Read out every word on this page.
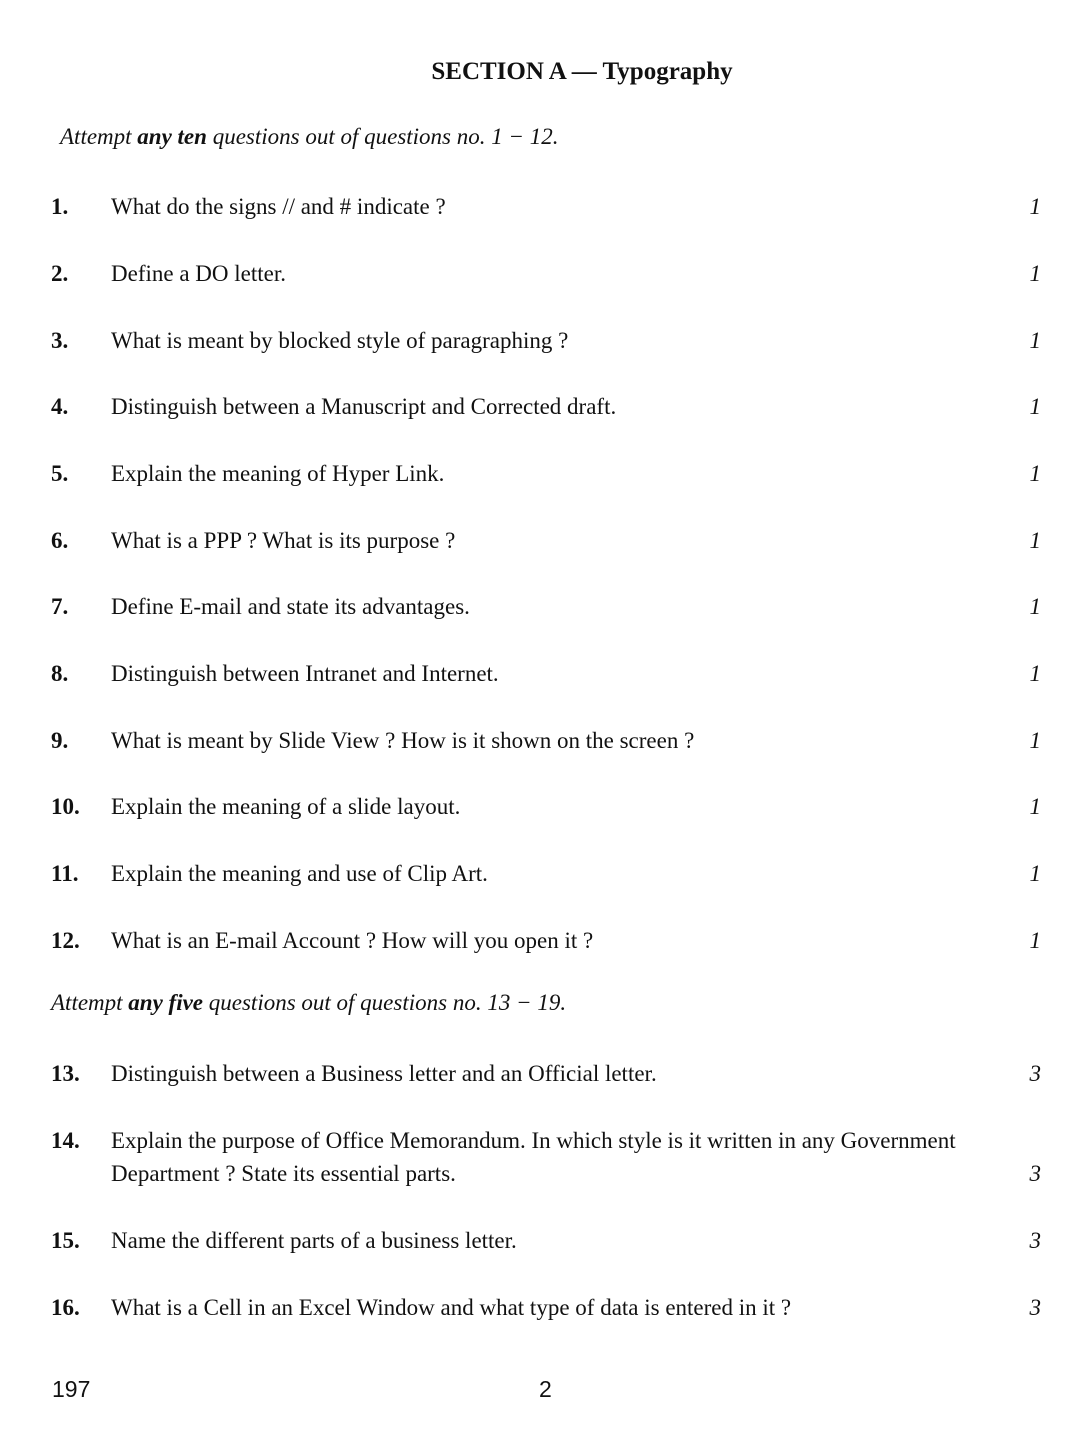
SECTION A — Typography
Attempt any ten questions out of questions no. 1 − 12.
1. What do the signs // and # indicate ?	1
2. Define a DO letter.	1
3. What is meant by blocked style of paragraphing ?	1
4. Distinguish between a Manuscript and Corrected draft.	1
5. Explain the meaning of Hyper Link.	1
6. What is a PPP ? What is its purpose ?	1
7. Define E-mail and state its advantages.	1
8. Distinguish between Intranet and Internet.	1
9. What is meant by Slide View ? How is it shown on the screen ?	1
10. Explain the meaning of a slide layout.	1
11. Explain the meaning and use of Clip Art.	1
12. What is an E-mail Account ? How will you open it ?	1
Attempt any five questions out of questions no. 13 − 19.
13. Distinguish between a Business letter and an Official letter.	3
14. Explain the purpose of Office Memorandum. In which style is it written in any Government Department ? State its essential parts.	3
15. Name the different parts of a business letter.	3
16. What is a Cell in an Excel Window and what type of data is entered in it ?	3
197	2
